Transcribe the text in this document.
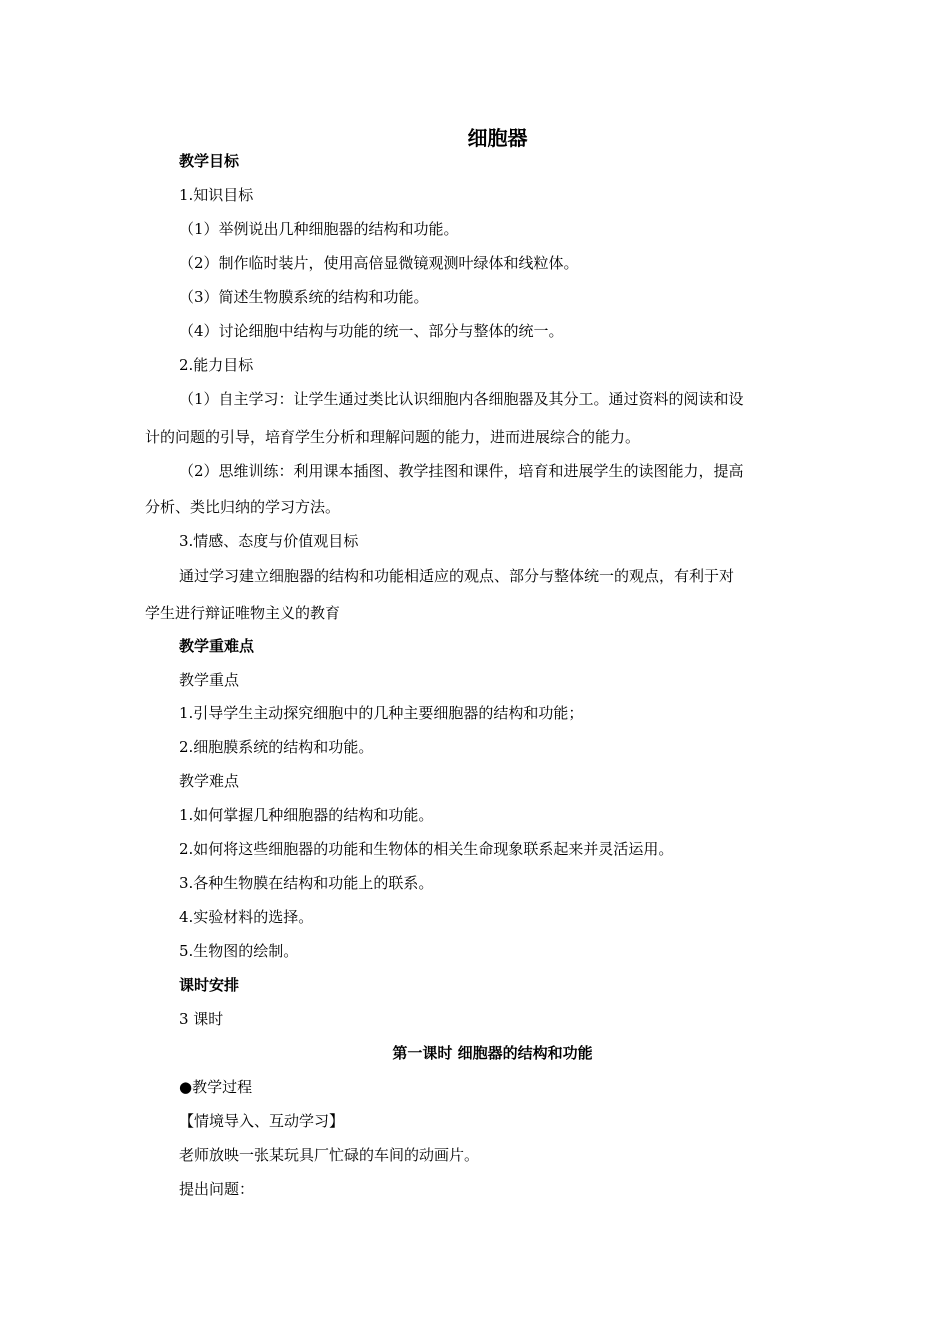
细胞器
教学目标
1.知识目标
（1）举例说出几种细胞器的结构和功能。
（2）制作临时装片，使用高倍显微镜观测叶绿体和线粒体。
（3）简述生物膜系统的结构和功能。
（4）讨论细胞中结构与功能的统一、部分与整体的统一。
2.能力目标
（1）自主学习：让学生通过类比认识细胞内各细胞器及其分工。通过资料的阅读和设
计的问题的引导，培育学生分析和理解问题的能力，进而进展综合的能力。
（2）思维训练：利用课本插图、教学挂图和课件，培育和进展学生的读图能力，提高
分析、类比归纳的学习方法。
3.情感、态度与价值观目标
通过学习建立细胞器的结构和功能相适应的观点、部分与整体统一的观点，有利于对
学生进行辩证唯物主义的教育
教学重难点
教学重点
1.引导学生主动探究细胞中的几种主要细胞器的结构和功能；
2.细胞膜系统的结构和功能。
教学难点
1.如何掌握几种细胞器的结构和功能。
2.如何将这些细胞器的功能和生物体的相关生命现象联系起来并灵活运用。
3.各种生物膜在结构和功能上的联系。
4.实验材料的选择。
5.生物图的绘制。
课时安排
3 课时
第一课时 细胞器的结构和功能
●教学过程
【情境导入、互动学习】
老师放映一张某玩具厂忙碌的车间的动画片。
提出问题：
